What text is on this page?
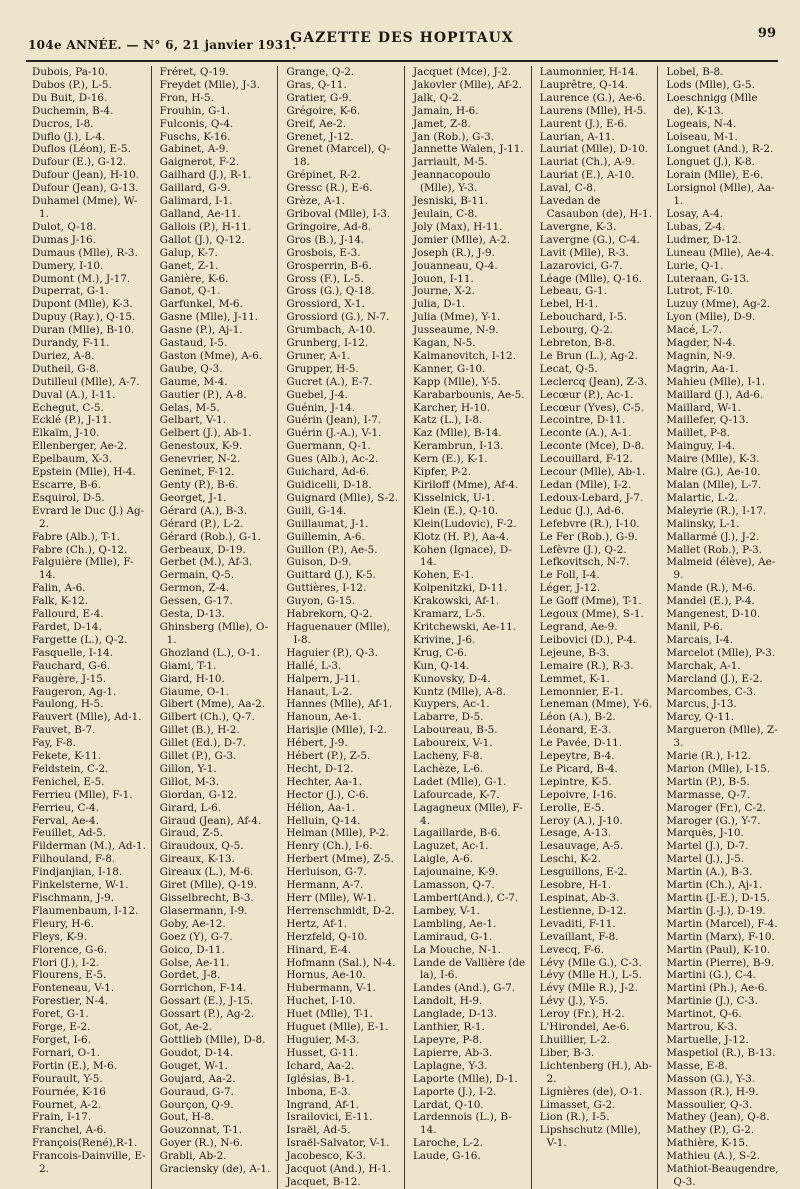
104e ANNÉE. — N° 6, 21 janvier 1931.
GAZETTE DES HOPITAUX	99
Dubois, Pa-10.
Dubos (P.), L-5.
Du Buit, D-16.
Duchemin, B-4.
Ducros, I-8.
Duflo (J.), L-4.
Duflos (Léon), E-5.
Dufour (E.), G-12.
Dufour (Jean), H-10.
Dufour (Jean), G-13.
Duhamel (Mme), W-1.
Dulot, Q-18.
Dumas J-16.
Dumaus (Mlle), R-3.
Dumery, I-10.
Dumont (M.), J-17.
Duperrat, G-1.
Dupont (Mlle), K-3.
Dupuy (Ray.), Q-15.
Duran (Mlle), B-10.
Durandy, F-11.
Duriez, A-8.
Dutheil, G-8.
Dutilleul (Mlle), A-7.
Duval (A.), I-11.
Echegut, C-5.
Ecklé (P.), J-11.
Elkaïm, J-10.
Ellenberger, Ae-2.
Epelbaum, X-3.
Epstein (Mlle), H-4.
Escarre, B-6.
Esquirol, D-5.
Evrard le Duc (J.) Ag-2.
Fabre (Alb.), T-1.
Fabre (Ch.), Q-12.
Falguière (Mlle), F-14.
Falin, A-6.
Falk, K-12.
Fallourd, E-4.
Fardet, D-14.
Fargette (L.), Q-2.
Fasquelle, I-14.
Fauchard, G-6.
Faugère, J-15.
Faugeron, Ag-1.
Faulong, H-5.
Fauvert (Mlle), Ad-1.
Fauvet, B-7.
Fay, F-8.
Fekete, K-11.
Feldstein, C-2.
Fenichel, E-5.
Ferrieu (Mlle), F-1.
Ferrieu, C-4.
Ferval, Ae-4.
Feuillet, Ad-5.
Filderman (M.), Ad-1.
Filhouland, F-8.
Findjanjian, I-18.
Finkelsterne, W-1.
Fischmann, J-9.
Flaumenbaum, I-12.
Fleury, H-6.
Fleys, K-9.
Florence, G-6.
Flori (J.), I-2.
Flourens, E-5.
Fonteneau, V-1.
Forestier, N-4.
Foret, G-1.
Forge, E-2.
Forget, I-6.
Fornari, O-1.
Fortin (E.), M-6.
Fourault, Y-5.
Fournée, K-16
Fournet, A-2.
Frain, I-17.
Franchel, A-6.
François(René),R-1.
Francois-Dainville, E-2.
Fréret, Q-19.
Freydet (Mlle), J-3.
Fron, H-5.
Frouhin, G-1.
Fulconis, Q-4.
Fuschs, K-16.
Gabinet, A-9.
Gaignerot, F-2.
Gailhard (J.), R-1.
Gaillard, G-9.
Galimard, I-1.
Galland, Ae-11.
Gallois (P.), H-11.
Gallot (J.), Q-12.
Galup, K-7.
Ganet, Z-1.
Ganière, K-6.
Ganot, Q-1.
Garfunkel, M-6.
Gasne (Mlle), J-11.
Gasne (P.), Aj-1.
Gastaud, I-5.
Gaston (Mme), A-6.
Gaube, Q-3.
Gaume, M-4.
Gautier (P.), A-8.
Gelas, M-5.
Gelbart, V-1.
Gelbert (J.), Ab-1.
Genestoux, K-9.
Genevrier, N-2.
Geninet, F-12.
Genty (P.), B-6.
Georget, J-1.
Gérard (A.), B-3.
Gérard (P.), L-2.
Gérard (Rob.), G-1.
Gerbeaux, D-19.
Gerbet (M.), Af-3.
Germain, Q-5.
Germon, Z-4.
Gessen, G-17.
Gesta, D-13.
Ghinsberg (Mlle), O-1.
Ghozland (L.), O-1.
Giami, T-1.
Giard, H-10.
Giaume, O-1.
Gibert (Mme), Aa-2.
Gilbert (Ch.), Q-7.
Gillet (B.), H-2.
Gillet (Ed.), D-7.
Gillet (P.), G-3.
Gillon, Y-1.
Gillot, M-3.
Giordan, G-12.
Girard, L-6.
Giraud (Jean), Af-4.
Giraud, Z-5.
Giraudoux, Q-5.
Gireaux, K-13.
Gireaux (L.), M-6.
Giret (Mlle), Q-19.
Gisselbrecht, B-3.
Glasermann, I-9.
Goby, Ae-12.
Goez (Y), G-7.
Goico, D-11.
Golse, Ae-11.
Gordet, J-8.
Gorrichon, F-14.
Gossart (E.), J-15.
Gossart (P.), Ag-2.
Got, Ae-2.
Gottlieb (Mlle), D-8.
Goudot, D-14.
Gouget, W-1.
Goujard, Aa-2.
Gouraud, G-7.
Gourçon, Q-9.
Gout, H-8.
Gouzonnat, T-1.
Goyer (R.), N-6.
Grabli, Ab-2.
Graciensky (de), A-1.
Grange, Q-2.
Gras, Q-11.
Gratier, G-9.
Grégoire, K-6.
Greif, Ae-2.
Grenet, J-12.
Grenet (Marcel), Q-18.
Grépinet, R-2.
Gressc (R.), E-6.
Grèze, A-1.
Griboval (Mlle), I-3.
Gringoire, Ad-8.
Gros (B.), J-14.
Grosbois, E-3.
Grosperrin, B-6.
Gross (F.), L-5.
Gross (G.), Q-18.
Grossiord, X-1.
Grossiord (G.), N-7.
Grumbach, A-10.
Grunberg, I-12.
Gruner, A-1.
Grupper, H-5.
Gucret (A.), E-7.
Guebel, J-4.
Guénin, J-14.
Guérin (Jean), I-7.
Guérin (J.-A.), V-1.
Guermann, Q-1.
Gues (Alb.), Ac-2.
Guichard, Ad-6.
Guidicelli, D-18.
Guignard (Mlle), S-2.
Guili, G-14.
Guillaumat, J-1.
Guillemin, A-6.
Guillon (P.), Ae-5.
Guison, D-9.
Guittard (J.), K-5.
Guttières, I-12.
Guyon, G-15.
Habrekorn, Q-2.
Haguenauer (Mlle), I-8.
Haguier (P.), Q-3.
Hallé, L-3.
Halpern, J-11.
Hanaut, L-2.
Hannes (Mlle), Af-1.
Hanoun, Ae-1.
Harisjie (Mlle), I-2.
Hébert, J-9.
Hébert (P.), Z-5.
Hecht, D-12.
Hechter, Aa-1.
Hector (J.), C-6.
Hélion, Aa-1.
Helluin, Q-14.
Helman (Mlle), P-2.
Henry (Ch.), I-6.
Herbert (Mme), Z-5.
Herluison, G-7.
Hermann, A-7.
Herr (Mlle), W-1.
Herrenschmidt, D-2.
Hertz, Af-1.
Herzfeld, Q-10.
Hinard, E-4.
Hofmann (Sal.), N-4.
Hornus, Ae-10.
Hubermann, V-1.
Huchet, I-10.
Huet (Mlle), T-1.
Huguet (Mlle), E-1.
Huguier, M-3.
Husset, G-11.
Ichard, Aa-2.
Iglésias, B-1.
Inbona, E-3.
Ingrand, Af-1.
Israilovici, E-11.
Israël, Ad-5.
Israël-Salvator, V-1.
Jacobesco, K-3.
Jacquot (And.), H-1.
Jacquet, B-12.
Jacquet (Mce), J-2.
Jakovler (Mlle), Af-2.
Jalk, Q-2.
Jamain, H-6.
Jamet, Z-8.
Jan (Rob.), G-3.
Jannette Walen, J-11.
Jarriault, M-5.
Jeannacopoulo (Mlle), Y-3.
Jesniski, B-11.
Jeulain, C-8.
Joly (Max), H-11.
Jomier (Mlle), A-2.
Joseph (R.), J-9.
Jouanneau, Q-4.
Jouon, I-11.
Journe, X-2.
Julia, D-1.
Julia (Mme), Y-1.
Jusseaume, N-9.
Kagan, N-5.
Kalmanovitch, I-12.
Kanner, G-10.
Kapp (Mlle), Y-5.
Karabarbounis, Ae-5.
Karcher, H-10.
Katz (L.), I-8.
Kaz (Mlle), B-14.
Kerambrun, I-13.
Kern (E.), K-1.
Kipfer, P-2.
Kiriloff (Mme), Af-4.
Kisselnick, U-1.
Klein (E.), Q-10.
Klein(Ludovic), F-2.
Klotz (H. P.), Aa-4.
Kohen (Ignace), D-14.
Kohen, E-1.
Kolpenitzki, D-11.
Krakowski, Af-1.
Kramarz, L-5.
Kritchewski, Ae-11.
Krivine, J-6.
Krug, C-6.
Kun, Q-14.
Kunovsky, D-4.
Kuntz (Mlle), A-8.
Kuypers, Ac-1.
Labarre, D-5.
Laboureau, B-5.
Laboureix, V-1.
Lacheny, F-8.
Lachèze, L-6.
Ladet (Mlle), G-1.
Lafourcade, K-7.
Lagagneux (Mlle), F-4.
Lagaillarde, B-6.
Laguzet, Ac-1.
Laigle, A-6.
Lajounaine, K-9.
Lamasson, Q-7.
Lambert(And.), C-7.
Lambey, V-1.
Lambling, Ae-1.
Lamiraud, G-1.
La Mouche, N-1.
Lande de Vallière (de la), I-6.
Landes (And.), G-7.
Landolt, H-9.
Langlade, D-13.
Lanthier, R-1.
Lapeyre, P-8.
Lapierre, Ab-3.
Laplagne, Y-3.
Laporte (Mlle), D-1.
Laporte (J.), I-2.
Lardat, Q-10.
Lardennois (L.), B-14.
Laroche, L-2.
Laude, G-16.
Laumonnier, H-14.
Lauprêtre, Q-14.
Laurence (G.), Ae-6.
Laurens (Mlle), H-5.
Laurent (J.), E-6.
Laurian, A-11.
Lauriat (Mlle), D-10.
Lauriat (Ch.), A-9.
Lauriat (E.), A-10.
Laval, C-8.
Lavedan de Casaubon (de), H-1.
Lavergne, K-3.
Lavergne (G.), C-4.
Lavit (Mlle), R-3.
Lazarovici, G-7.
Léage (Mlle), Q-16.
Lebeau, G-1.
Lebel, H-1.
Lebouchard, I-5.
Lebourg, Q-2.
Lebreton, B-8.
Le Brun (L.), Ag-2.
Lecat, Q-5.
Leclercq (Jean), Z-3.
Lecœur (P.), Ac-1.
Lecœur (Yves), C-5.
Lecointre, D-11.
Leconte (A.), A-1.
Leconte (Mce), D-8.
Lecouillard, F-12.
Lecour (Mlle), Ab-1.
Ledan (Mlle), I-2.
Ledoux-Lebard, J-7.
Leduc (J.), Ad-6.
Lefebvre (R.), I-10.
Le Fer (Rob.), G-9.
Lefèvre (J.), Q-2.
Lefkovitsch, N-7.
Le Foll, I-4.
Léger, J-12.
Le Goff (Mme), T-1.
Legoux (Mme), S-1.
Legrand, Ae-9.
Leibovici (D.), P-4.
Lejeune, B-3.
Lemaire (R.), R-3.
Lemmet, K-1.
Lemonnier, E-1.
Leneman (Mme), Y-6.
Léon (A.), B-2.
Léonard, E-3.
Le Pavée, D-11.
Lepeytre, B-4.
Le Picard, B-4.
Lepintre, K-5.
Lepoivre, I-16.
Lerolle, E-5.
Leroy (A.), J-10.
Lesage, A-13.
Lesauvage, A-5.
Leschi, K-2.
Lesguillons, E-2.
Lesobre, H-1.
Lespinat, Ab-3.
Lestienne, D-12.
Levaditi, F-11.
Levaillant, F-8.
Levecq, F-6.
Lévy (Mlle G.), C-3.
Lévy (Mlle H.), L-5.
Lévy (Mlle R.), J-2.
Lévy (J.), Y-5.
Leroy (Fr.), H-2.
L'Hirondel, Ae-6.
Lhuillier, L-2.
Liber, B-3.
Lichtenberg (H.), Ab-2.
Lignières (de), O-1.
Limasset, G-2.
Lion (R.), I-5.
Lipshschutz (Mlle), V-1.
Lobel, B-8.
Lods (Mlle), G-5.
Loeschnigg (Mlle de), K-13.
Logeais, N-4.
Loiseau, M-1.
Longuet (And.), R-2.
Longuet (J.), K-8.
Lorain (Mlle), E-6.
Lorsignol (Mlle), Aa-1.
Losay, A-4.
Lubas, Z-4.
Ludmer, D-12.
Luneau (Mlle), Ae-4.
Lurie, Q-1.
Luteraan, G-13.
Lutrot, F-10.
Luzuy (Mme), Ag-2.
Lyon (Mlle), D-9.
Macé, L-7.
Magder, N-4.
Magnin, N-9.
Magrin, Aa-1.
Mahieu (Mlle), I-1.
Maillard (J.), Ad-6.
Maillard, W-1.
Maillefer, Q-13.
Maillet, P-8.
Mainguy, I-4.
Maire (Mlle), K-3.
Malre (G.), Ae-10.
Malan (Mlle), L-7.
Malartic, L-2.
Maleyrie (R.), I-17.
Malinsky, L-1.
Mallarmé (J.), J-2.
Mallet (Rob.), P-3.
Malmeid (élève), Ae-9.
Mande (R.), M-6.
Mandel (E.), P-4.
Mangenest, D-10.
Manil, P-6.
Marcais, I-4.
Marcelot (Mlle), P-3.
Marchak, A-1.
Marcland (J.), E-2.
Marcombes, C-3.
Marcus, J-13.
Marcy, Q-11.
Margueron (Mlle), Z-3.
Marie (R.), I-12.
Marion (Mlle), I-15.
Martin (P.), B-5.
Marmasse, Q-7.
Maroger (Fr.), C-2.
Maroger (G.), Y-7.
Marquès, J-10.
Martel (J.), D-7.
Martel (J.), J-5.
Martin (A.), B-3.
Martin (Ch.), Aj-1.
Martin (J.-E.), D-15.
Martin (J.-J.), D-19.
Martin (Marcel), F-4.
Martin (Marx), F-10.
Martin (Paul), K-10.
Martin (Pierre), B-9.
Martini (G.), C-4.
Martini (Ph.), Ae-6.
Martinie (J.), C-3.
Martinot, Q-6.
Martrou, K-3.
Martuelle, J-12.
Maspetiol (R.), B-13.
Masse, E-8.
Masson (G.), Y-3.
Masson (R.), H-9.
Massoulier, Q-3.
Mathey (Jean), Q-8.
Mathey (P.), G-2.
Mathière, K-15.
Mathieu (A.), S-2.
Mathiot-Beaugendre, Q-3.
